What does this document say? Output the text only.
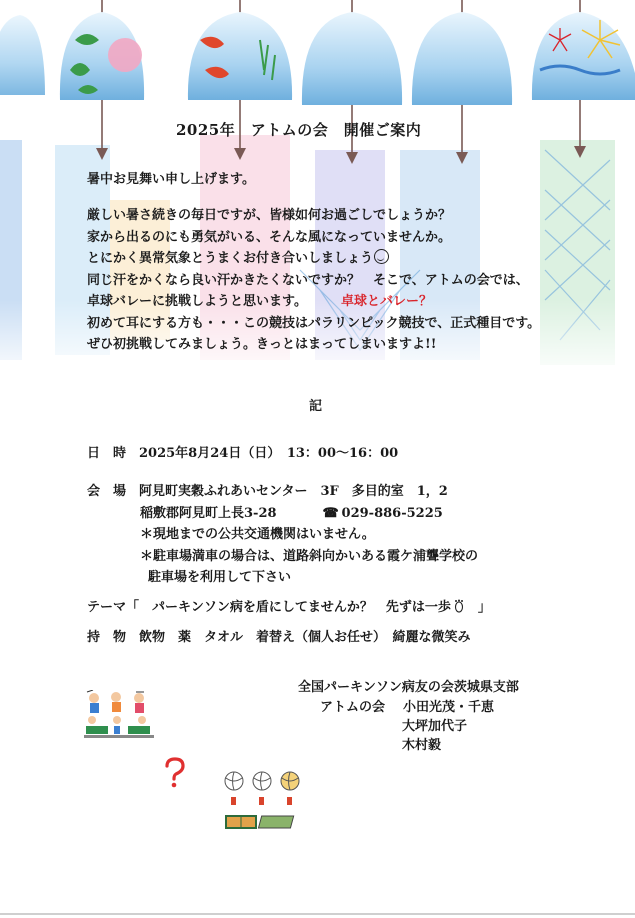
2025年　アトムの会　開催ご案内
暑中お見舞い申し上げます。
厳しい暑さ続きの毎日ですが、皆様如何お過ごしでしょうか？
家から出るのにも勇気がいる、そんな風になっていませんか。
とにかく異常気象とうまくお付き合いしましょう
同じ汗をかくなら良い汗かきたくないですか？　そこで、アトムの会では、
卓球バレーに挑戦しようと思います。	卓球とバレー？
初めて耳にする方も・・・この競技はパラリンピック競技で、正式種目です。
ぜひ初挑戦してみましょう。きっとはまってしまいますよ!!
記
日　時　2025年8月24日（日）　13：00～16：00
会　場　阿見町実穀ふれあいセンター　3F　多目的室　1，2
稲敷郡阿見町上長3-28	☎ 029-886-5225
＊現地までの公共交通機関はいません。
＊駐車場満車の場合は、道路斜向かいある霞ケ浦聾学校の
駐車場を利用して下さい
テーマ「　パーキンソン病を盾にしてませんか？　先ずは一歩　」
持　物　飲物　薬　タオル　着替え（個人お任せ）　綺麗な微笑み
全国パーキンソン病友の会茨城県支部
アトムの会 小田光茂・千恵
大坪加代子
木村毅
